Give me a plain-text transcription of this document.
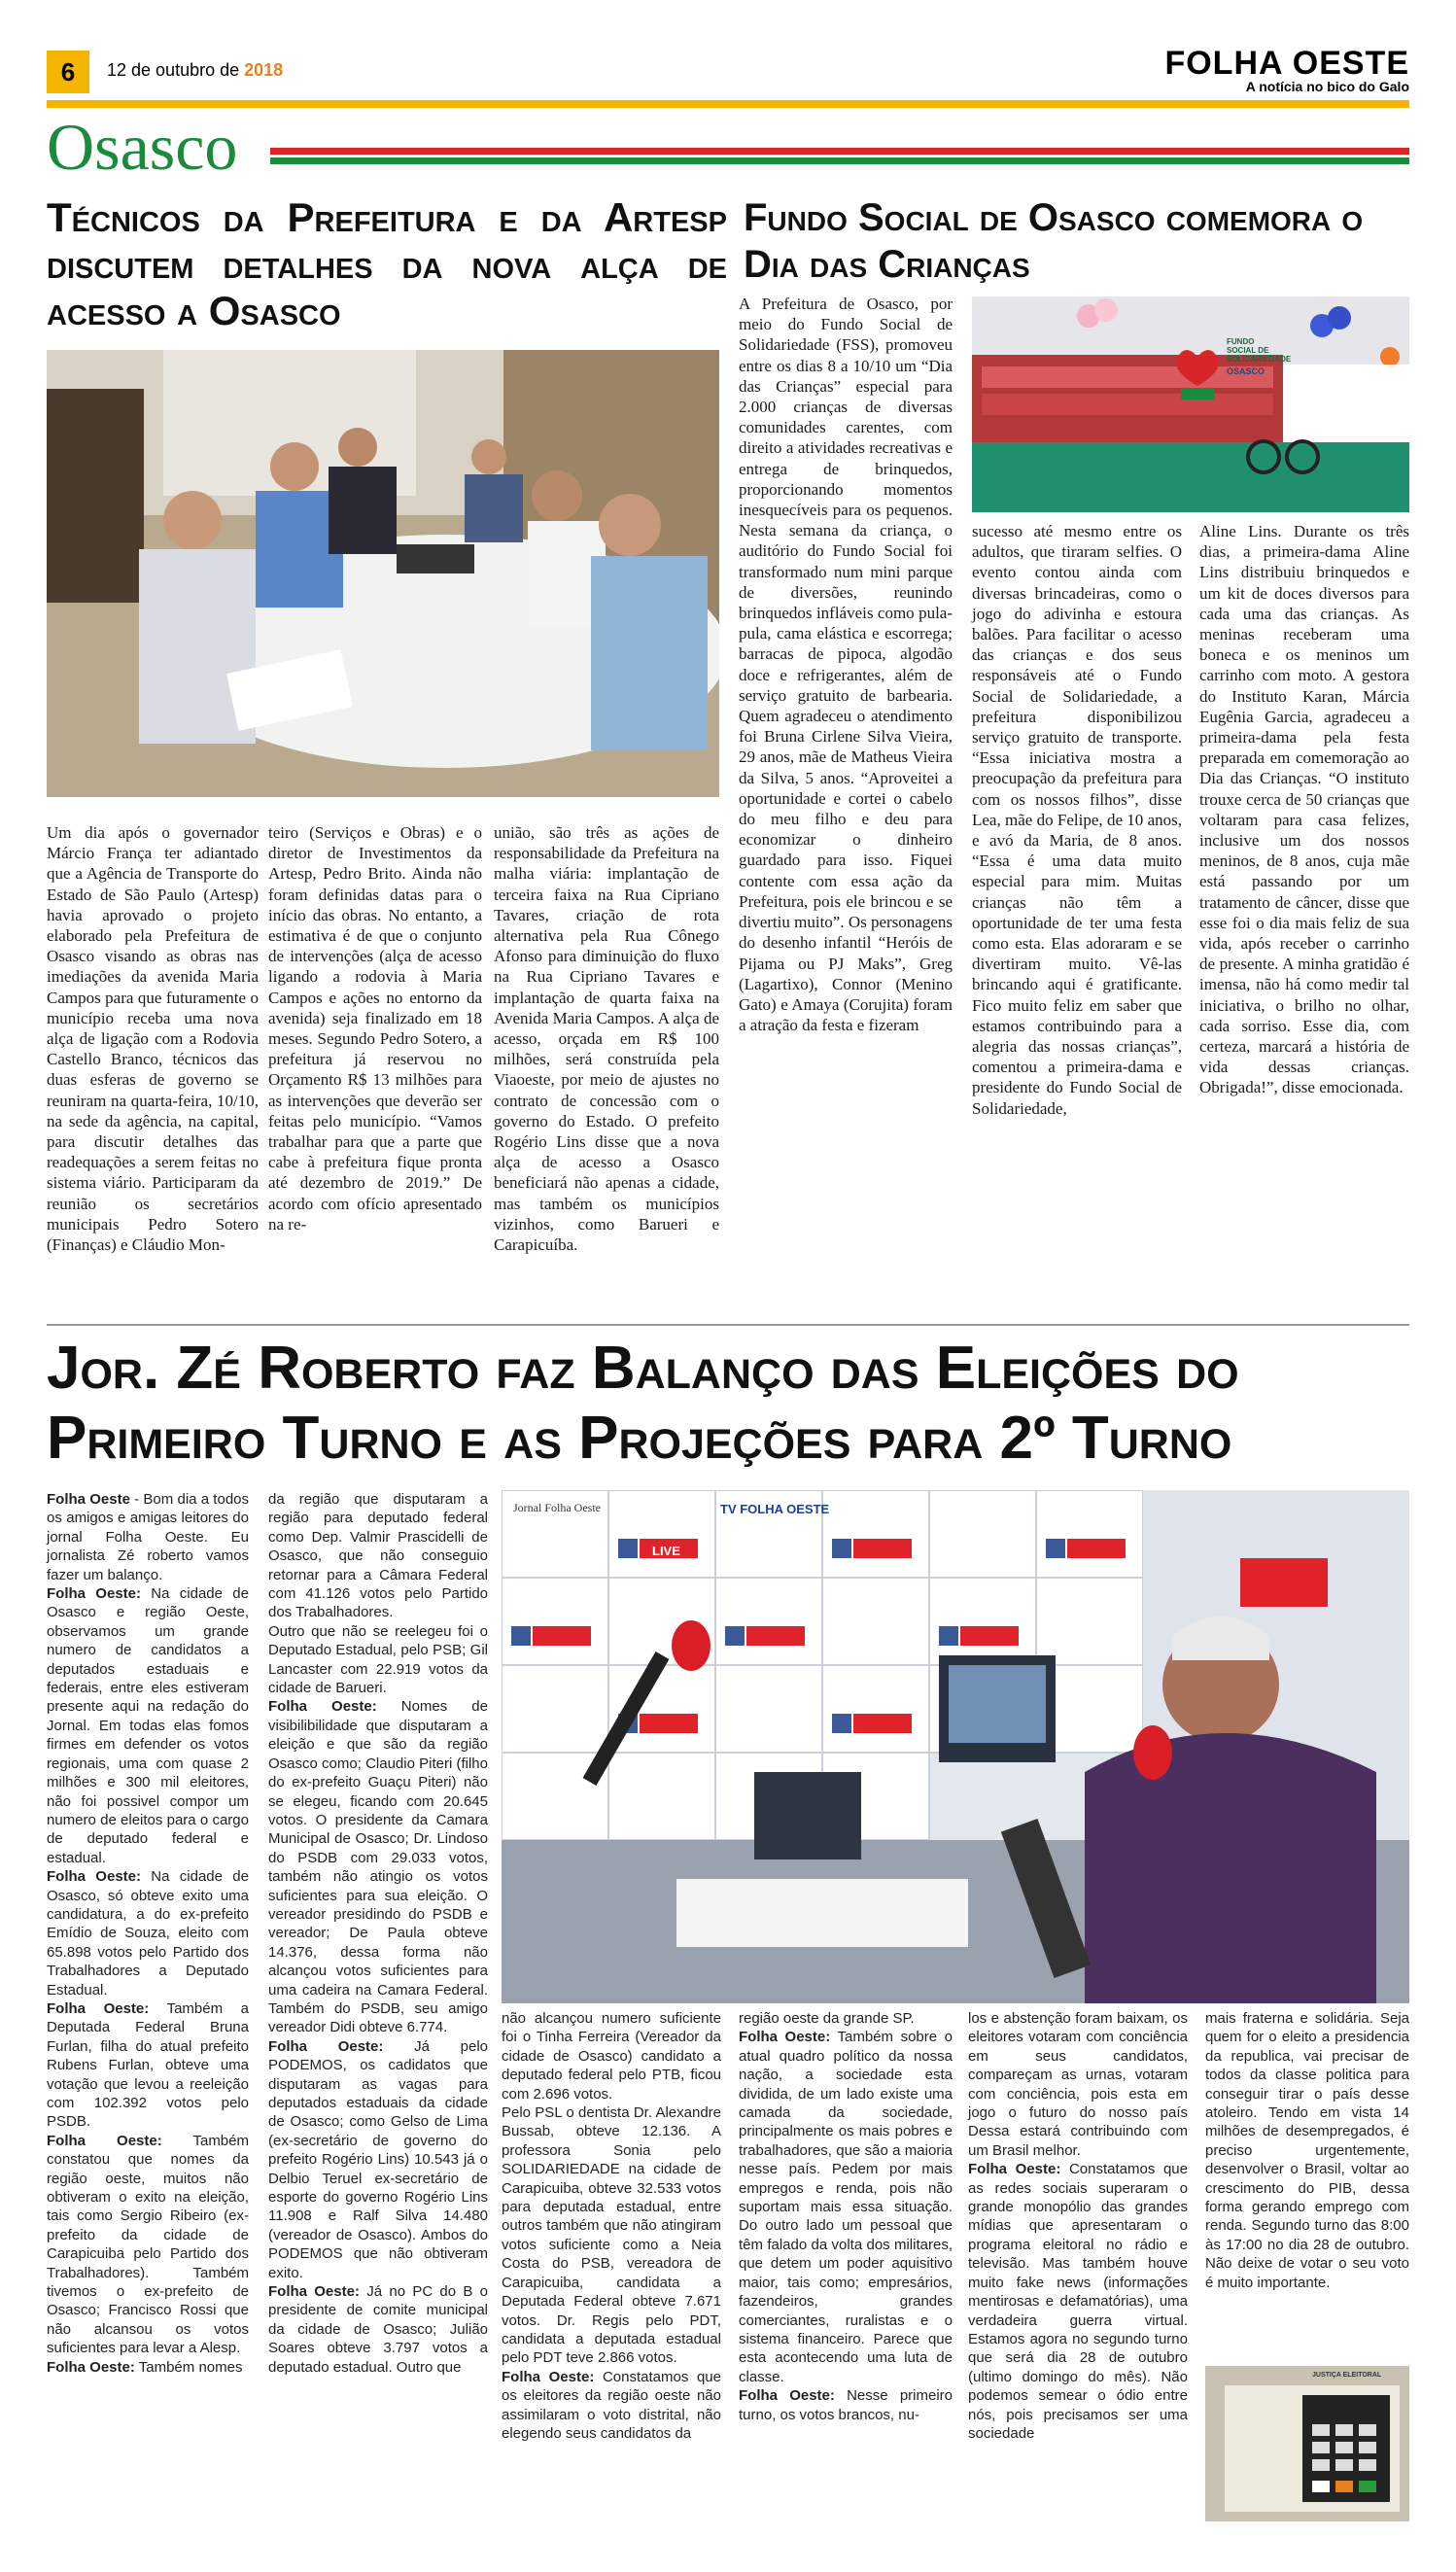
6	12 de outubro de 2018	FOLHA OESTE
A notícia no bico do Galo
Osasco
Técnicos da Prefeitura e da Artesp discutem detalhes da nova alça de acesso a Osasco
Um dia após o governador Márcio França ter adiantado que a Agência de Transporte do Estado de São Paulo (Artesp) havia aprovado o projeto elaborado pela Prefeitura de Osasco visando as obras nas imediações da avenida Maria Campos para que futuramente o município receba uma nova alça de ligação com a Rodovia Castello Branco, técnicos das duas esferas de governo se reuniram na quarta-feira, 10/10, na sede da agência, na capital, para discutir detalhes das readequações a serem feitas no sistema viário. Participaram da reunião os secretários municipais Pedro Sotero (Finanças) e Cláudio Mon-
teiro (Serviços e Obras) e o diretor de Investimentos da Artesp, Pedro Brito. Ainda não foram definidas datas para o início das obras. No entanto, a estimativa é de que o conjunto de intervenções (alça de acesso ligando a rodovia à Maria Campos e ações no entorno da avenida) seja finalizado em 18 meses. Segundo Pedro Sotero, a prefeitura já reservou no Orçamento R$ 13 milhões para as intervenções que deverão ser feitas pelo município. “Vamos trabalhar para que a parte que cabe à prefeitura fique pronta até dezembro de 2019.” De acordo com ofício apresentado na re-
união, são três as ações de responsabilidade da Prefeitura na malha viária: implantação de terceira faixa na Rua Cipriano Tavares, criação de rota alternativa pela Rua Cônego Afonso para diminuição do fluxo na Rua Cipriano Tavares e implantação de quarta faixa na Avenida Maria Campos. A alça de acesso, orçada em R$ 100 milhões, será construída pela Viaoeste, por meio de ajustes no contrato de concessão com o governo do Estado. O prefeito Rogério Lins disse que a nova alça de acesso a Osasco beneficiará não apenas a cidade, mas também os municípios vizinhos, como Barueri e Carapicuíba.
Fundo Social de Osasco comemora o Dia das Crianças
A Prefeitura de Osasco, por meio do Fundo Social de Solidariedade (FSS), promoveu entre os dias 8 a 10/10 um “Dia das Crianças” especial para 2.000 crianças de diversas comunidades carentes, com direito a atividades recreativas e entrega de brinquedos, proporcionando momentos inesquecíveis para os pequenos. Nesta semana da criança, o auditório do Fundo Social foi transformado num mini parque de diversões, reunindo brinquedos infláveis como pula-pula, cama elástica e escorrega; barracas de pipoca, algodão doce e refrigerantes, além de serviço gratuito de barbearia. Quem agradeceu o atendimento foi Bruna Cirlene Silva Vieira, 29 anos, mãe de Matheus Vieira da Silva, 5 anos. “Aproveitei a oportunidade e cortei o cabelo do meu filho e deu para economizar o dinheiro guardado para isso. Fiquei contente com essa ação da Prefeitura, pois ele brincou e se divertiu muito”. Os personagens do desenho infantil “Heróis de Pijama ou PJ Maks”, Greg (Lagartixo), Connor (Menino Gato) e Amaya (Corujita) foram a atração da festa e fizeram
FUNDO SOCIAL DE SOLIDARIEDADE
OSASCO
sucesso até mesmo entre os adultos, que tiraram selfies. O evento contou ainda com diversas brincadeiras, como o jogo do adivinha e estoura balões. Para facilitar o acesso das crianças e dos seus responsáveis até o Fundo Social de Solidariedade, a prefeitura disponibilizou serviço gratuito de transporte. “Essa iniciativa mostra a preocupação da prefeitura para com os nossos filhos”, disse Lea, mãe do Felipe, de 10 anos, e avó da Maria, de 8 anos. “Essa é uma data muito especial para mim. Muitas crianças não têm a oportunidade de ter uma festa como esta. Elas adoraram e se divertiram muito. Vê-las brincando aqui é gratificante. Fico muito feliz em saber que estamos contribuindo para a alegria das nossas crianças”, comentou a primeira-dama e presidente do Fundo Social de Solidariedade,
Aline Lins. Durante os três dias, a primeira-dama Aline Lins distribuiu brinquedos e um kit de doces diversos para cada uma das crianças. As meninas receberam uma boneca e os meninos um carrinho com moto. A gestora do Instituto Karan, Márcia Eugênia Garcia, agradeceu a primeira-dama pela festa preparada em comemoração ao Dia das Crianças. “O instituto trouxe cerca de 50 crianças que voltaram para casa felizes, inclusive um dos nossos meninos, de 8 anos, cuja mãe está passando por um tratamento de câncer, disse que esse foi o dia mais feliz de sua vida, após receber o carrinho de presente. A minha gratidão é imensa, não há como medir tal iniciativa, o brilho no olhar, cada sorriso. Esse dia, com certeza, marcará a história de vida dessas crianças. Obrigada!”, disse emocionada.
Jor. Zé Roberto faz Balanço das Eleições do Primeiro Turno e as Projeções para 2º Turno
TV FOLHA OESTE
Jornal Folha Oeste
LIVE
JUSTIÇA ELEITORAL

Folha Oeste - Bom dia a todos os amigos e amigas leitores do jornal Folha Oeste. Eu jornalista Zé roberto vamos fazer um balanço.

Folha Oeste: Na cidade de Osasco e região Oeste, observamos um grande numero de candidatos a deputados estaduais e federais, entre eles estiveram presente aqui na redação do Jornal. Em todas elas fomos firmes em defender os votos regionais, uma com quase 2 milhões e 300 mil eleitores, não foi possivel compor um numero de eleitos para o cargo de deputado federal e estadual.

Folha Oeste: Na cidade de Osasco, só obteve exito uma candidatura, a do ex-prefeito Emídio de Souza, eleito com 65.898 votos pelo Partido dos Trabalhadores a Deputado Estadual.

Folha Oeste: Também a Deputada Federal Bruna Furlan, filha do atual prefeito Rubens Furlan, obteve uma votação que levou a reeleição com 102.392 votos pelo PSDB.

Folha Oeste: Também constatou que nomes da região oeste, muitos não obtiveram o exito na eleição, tais como Sergio Ribeiro (ex-prefeito da cidade de Carapicuiba pelo Partido dos Trabalhadores). Também tivemos o ex-prefeito de Osasco; Francisco Rossi que não alcansou os votos suficientes para levar a Alesp.

Folha Oeste: Também nomes

da região que disputaram a região para deputado federal como Dep. Valmir Prascidelli de Osasco, que não conseguio retornar para a Câmara Federal com 41.126 votos pelo Partido dos Trabalhadores.

Outro que não se reelegeu foi o Deputado Estadual, pelo PSB; Gil Lancaster com 22.919 votos da cidade de Barueri.

Folha Oeste: Nomes de visibilibilidade que disputaram a eleição e que são da região Osasco como; Claudio Piteri (filho do ex-prefeito Guaçu Piteri) não se elegeu, ficando com 20.645 votos. O presidente da Camara Municipal de Osasco; Dr. Lindoso do PSDB com 29.033 votos, também não atingio os votos suficientes para sua eleição. O vereador presidindo do PSDB e vereador; De Paula obteve 14.376, dessa forma não alcançou votos suficientes para uma cadeira na Camara Federal. Também do PSDB, seu amigo vereador Didi obteve 6.774.

Folha Oeste: Já pelo PODEMOS, os cadidatos que disputaram as vagas para deputados estaduais da cidade de Osasco; como Gelso de Lima (ex-secretário de governo do prefeito Rogério Lins) 10.543 já o Delbio Teruel ex-secretário de esporte do governo Rogério Lins 11.908 e Ralf Silva 14.480 (vereador de Osasco). Ambos do PODEMOS que não obtiveram exito.

Folha Oeste: Já no PC do B o presidente de comite municipal da cidade de Osasco; Julião Soares obteve 3.797 votos a deputado estadual. Outro que

não alcançou numero suficiente foi o Tinha Ferreira (Vereador da cidade de Osasco) candidato a deputado federal pelo PTB, ficou com 2.696 votos.

Pelo PSL o dentista Dr. Alexandre Bussab, obteve 12.136. A professora Sonia pelo SOLIDARIEDADE na cidade de Carapicuiba, obteve 32.533 votos para deputada estadual, entre outros também que não atingiram votos suficiente como a Neia Costa do PSB, vereadora de Carapicuiba, candidata a Deputada Federal obteve 7.671 votos. Dr. Regis pelo PDT, candidata a deputada estadual pelo PDT teve 2.866 votos.

Folha Oeste: Constatamos que os eleitores da região oeste não assimilaram o voto distrital, não elegendo seus candidatos da

região oeste da grande SP.

Folha Oeste: Também sobre o atual quadro político da nossa nação, a sociedade esta dividida, de um lado existe uma camada da sociedade, principalmente os mais pobres e trabalhadores, que são a maioria nesse país. Pedem por mais empregos e renda, pois não suportam mais essa situação. Do outro lado um pessoal que têm falado da volta dos militares, que detem um poder aquisitivo maior, tais como; empresários, fazendeiros, grandes comerciantes, ruralistas e o sistema financeiro. Parece que esta acontecendo uma luta de classe.

Folha Oeste: Nesse primeiro turno, os votos brancos, nu-

los e abstenção foram baixam, os eleitores votaram com conciência em seus candidatos, compareçam as urnas, votaram com conciência, pois esta em jogo o futuro do nosso país Dessa estará contribuindo com um Brasil melhor.

Folha Oeste: Constatamos que as redes sociais superaram o grande monopólio das grandes mídias que apresentaram o programa eleitoral no rádio e televisão. Mas também houve muito fake news (informações mentirosas e defamatórias), uma verdadeira guerra virtual. Estamos agora no segundo turno que será dia 28 de outubro (ultimo domingo do mês). Não podemos semear o ódio entre nós, pois precisamos ser uma sociedade

mais fraterna e solidária. Seja quem for o eleito a presidencia da republica, vai precisar de todos da classe politica para conseguir tirar o país desse atoleiro. Tendo em vista 14 milhões de desempregados, é preciso urgentemente, desenvolver o Brasil, voltar ao crescimento do PIB, dessa forma gerando emprego com renda. Segundo turno das 8:00 às 17:00 no dia 28 de outubro. Não deixe de votar o seu voto é muito importante.
